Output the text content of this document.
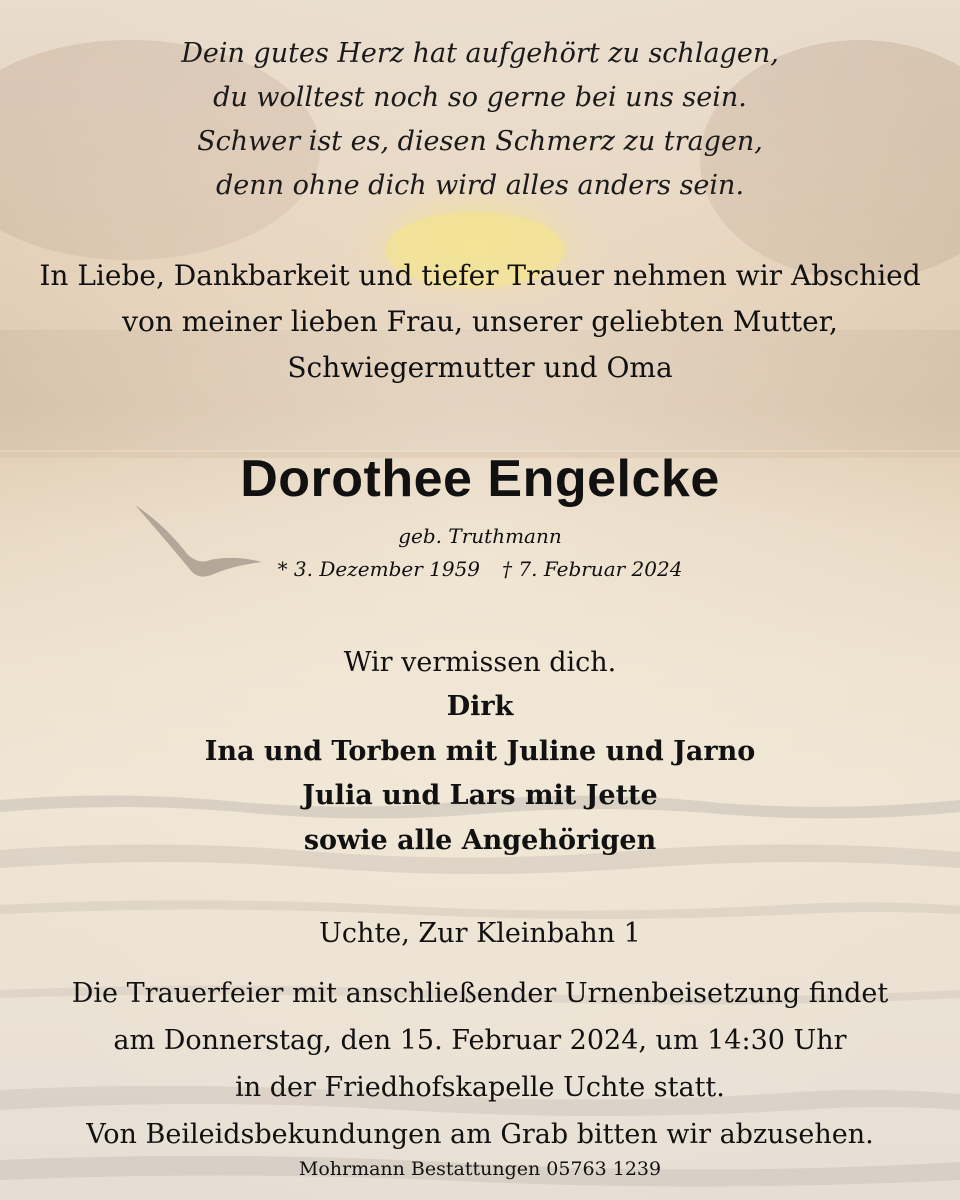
Dein gutes Herz hat aufgehört zu schlagen,
du wolltest noch so gerne bei uns sein.
Schwer ist es, diesen Schmerz zu tragen,
denn ohne dich wird alles anders sein.
In Liebe, Dankbarkeit und tiefer Trauer nehmen wir Abschied
von meiner lieben Frau, unserer geliebten Mutter,
Schwiegermutter und Oma
Dorothee Engelcke
geb. Truthmann
* 3. Dezember 1959 † 7. Februar 2024
Wir vermissen dich.
Dirk
Ina und Torben mit Juline und Jarno
Julia und Lars mit Jette
sowie alle Angehörigen
Uchte, Zur Kleinbahn 1
Die Trauerfeier mit anschließender Urnenbeisetzung findet
am Donnerstag, den 15. Februar 2024, um 14:30 Uhr
in der Friedhofskapelle Uchte statt.
Von Beileidsbekundungen am Grab bitten wir abzusehen.
Mohrmann Bestattungen 05763 1239
